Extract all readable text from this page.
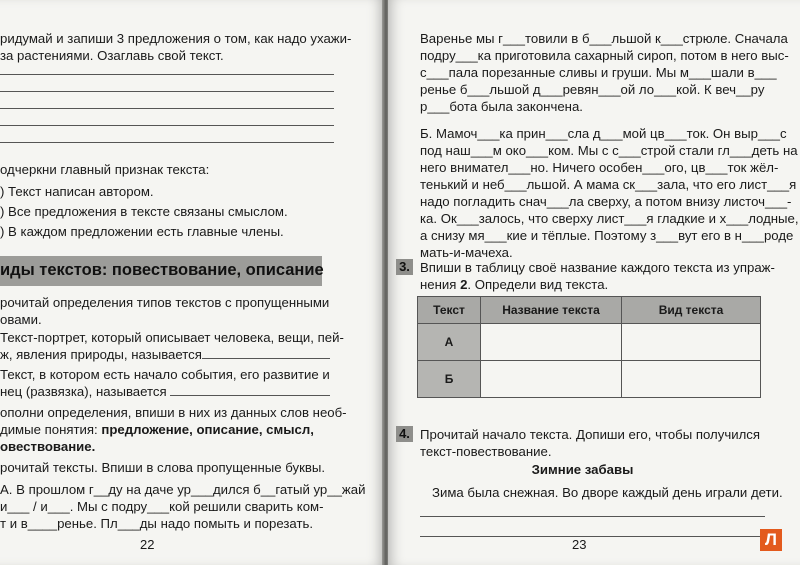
ридумай и запиши 3 предложения о том, как надо ухажи-
за растениями. Озаглавь свой текст.
одчеркни главный признак текста:
) Текст написан автором.
) Все предложения в тексте связаны смыслом.
) В каждом предложении есть главные члены.
иды текстов: повествование, описание
рочитай определения типов текстов с пропущенными
овами.
Текст-портрет, который описывает человека, вещи, пей-
ж, явления природы, называется
Текст, в котором есть начало события, его развитие и
нец (развязка), называется
ополни определения, впиши в них из данных слов необ-
димые понятия: предложение, описание, смысл,
овествование.
рочитай тексты. Впиши в слова пропущенные буквы.
А. В прошлом г__ду на даче ур___дился б__гатый ур__жай
и___ / и___. Мы с подру___кой решили сварить ком-
т и в____ренье. Пл___ды надо помыть и порезать.
22
Варенье мы г___товили в б___льшой к___стрюле. Сначала
подру___ка приготовила сахарный сироп, потом в него выс-
с___пала порезанные сливы и груши. Мы м___шали в___
ренье б___льшой д___ревян___ой ло___кой. К веч__ру
р___бота была закончена.
Б. Мамоч___ка прин___сла д___мой цв___ток. Он выр___с
под наш___м око___ком. Мы с с___строй стали гл___деть на
него внимател___но. Ничего особен___ого, цв___ток жёл-
тенький и неб___льшой. А мама ск___зала, что его лист___я
надо погладить снач___ла сверху, а потом внизу листоч___-
ка. Ок___залось, что сверху лист___я гладкие и х___лодные,
а снизу мя___кие и тёплые. Поэтому з___вут его в н___роде
мать-и-мачеха.
3. Впиши в таблицу своё название каждого текста из упраж-
нения 2. Определи вид текста.
Текст	Название текста	Вид текста
А		
Б		
4. Прочитай начало текста. Допиши его, чтобы получился
текст-повествование.
Зимние забавы
Зима была снежная. Во дворе каждый день играли дети.
23	Л
